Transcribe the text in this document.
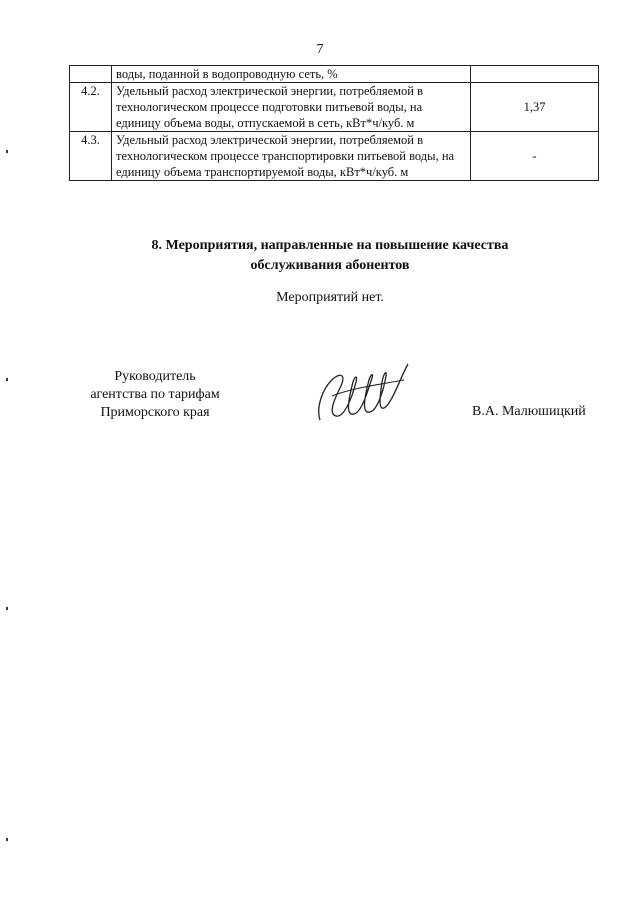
7
	воды, поданной в водопроводную сеть, %	
4.2.	Удельный расход электрической энергии, потребляемой в технологическом процессе подготовки питьевой воды, на единицу объема воды, отпускаемой в сеть, кВт*ч/куб. м	1,37
4.3.	Удельный расход электрической энергии, потребляемой в технологическом процессе транспортировки питьевой воды, на единицу объема транспортируемой воды, кВт*ч/куб. м	-
8. Мероприятия, направленные на повышение качества
обслуживания абонентов
Мероприятий нет.
Руководитель
агентства по тарифам
Приморского края	В.А. Малюшицкий
